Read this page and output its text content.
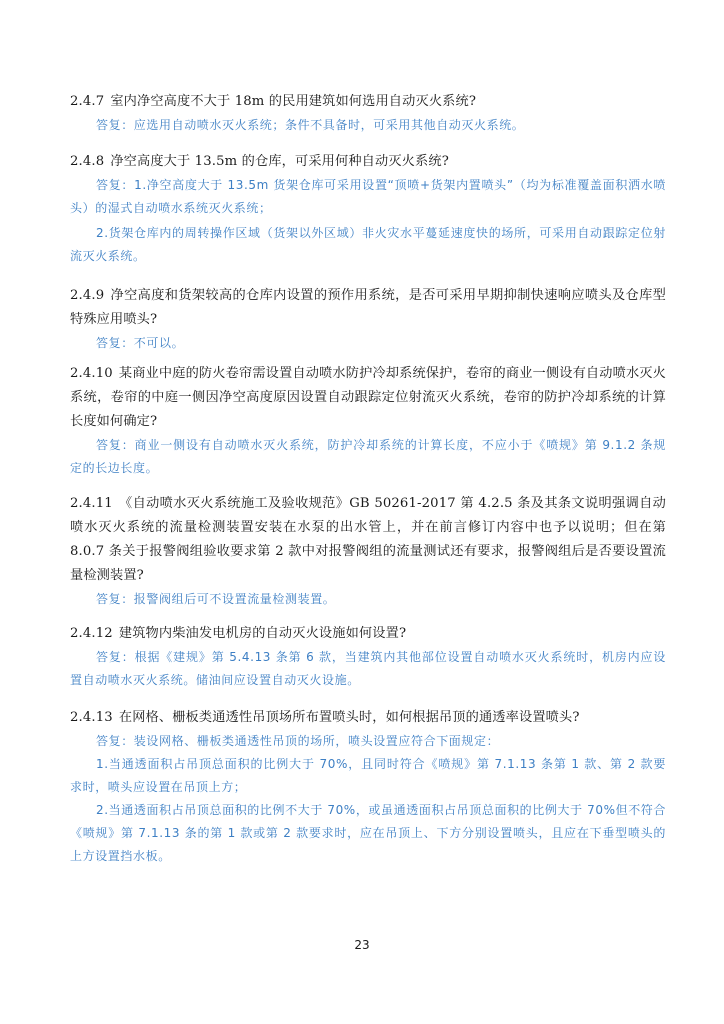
2.4.7 室内净空高度不大于 18m 的民用建筑如何选用自动灭火系统?

答复：应选用自动喷水灭火系统；条件不具备时，可采用其他自动灭火系统。

2.4.8 净空高度大于 13.5m 的仓库，可采用何种自动灭火系统?

答复：1.净空高度大于 13.5m 货架仓库可采用设置“顶喷+货架内置喷头”（均为标准覆盖面积洒水喷头）的湿式自动喷水系统灭火系统；

2.货架仓库内的周转操作区域（货架以外区域）非火灾水平蔓延速度快的场所，可采用自动跟踪定位射流灭火系统。

2.4.9 净空高度和货架较高的仓库内设置的预作用系统，是否可采用早期抑制快速响应喷头及仓库型特殊应用喷头?

答复：不可以。

2.4.10 某商业中庭的防火卷帘需设置自动喷水防护冷却系统保护，卷帘的商业一侧设有自动喷水灭火系统，卷帘的中庭一侧因净空高度原因设置自动跟踪定位射流灭火系统，卷帘的防护冷却系统的计算长度如何确定?

答复：商业一侧设有自动喷水灭火系统，防护冷却系统的计算长度，不应小于《喷规》第 9.1.2 条规定的长边长度。

2.4.11 《自动喷水灭火系统施工及验收规范》GB 50261-2017 第 4.2.5 条及其条文说明强调自动喷水灭火系统的流量检测装置安装在水泵的出水管上，并在前言修订内容中也予以说明；但在第 8.0.7 条关于报警阀组验收要求第 2 款中对报警阀组的流量测试还有要求，报警阀组后是否要设置流量检测装置?

答复：报警阀组后可不设置流量检测装置。

2.4.12 建筑物内柴油发电机房的自动灭火设施如何设置?

答复：根据《建规》第 5.4.13 条第 6 款，当建筑内其他部位设置自动喷水灭火系统时，机房内应设置自动喷水灭火系统。储油间应设置自动灭火设施。

2.4.13 在网格、栅板类通透性吊顶场所布置喷头时，如何根据吊顶的通透率设置喷头?

答复：装设网格、栅板类通透性吊顶的场所，喷头设置应符合下面规定：

1.当通透面积占吊顶总面积的比例大于 70%，且同时符合《喷规》第 7.1.13 条第 1 款、第 2 款要求时，喷头应设置在吊顶上方；

2.当通透面积占吊顶总面积的比例不大于 70%，或虽通透面积占吊顶总面积的比例大于 70%但不符合《喷规》第 7.1.13 条的第 1 款或第 2 款要求时，应在吊顶上、下方分别设置喷头，且应在下垂型喷头的上方设置挡水板。

23
